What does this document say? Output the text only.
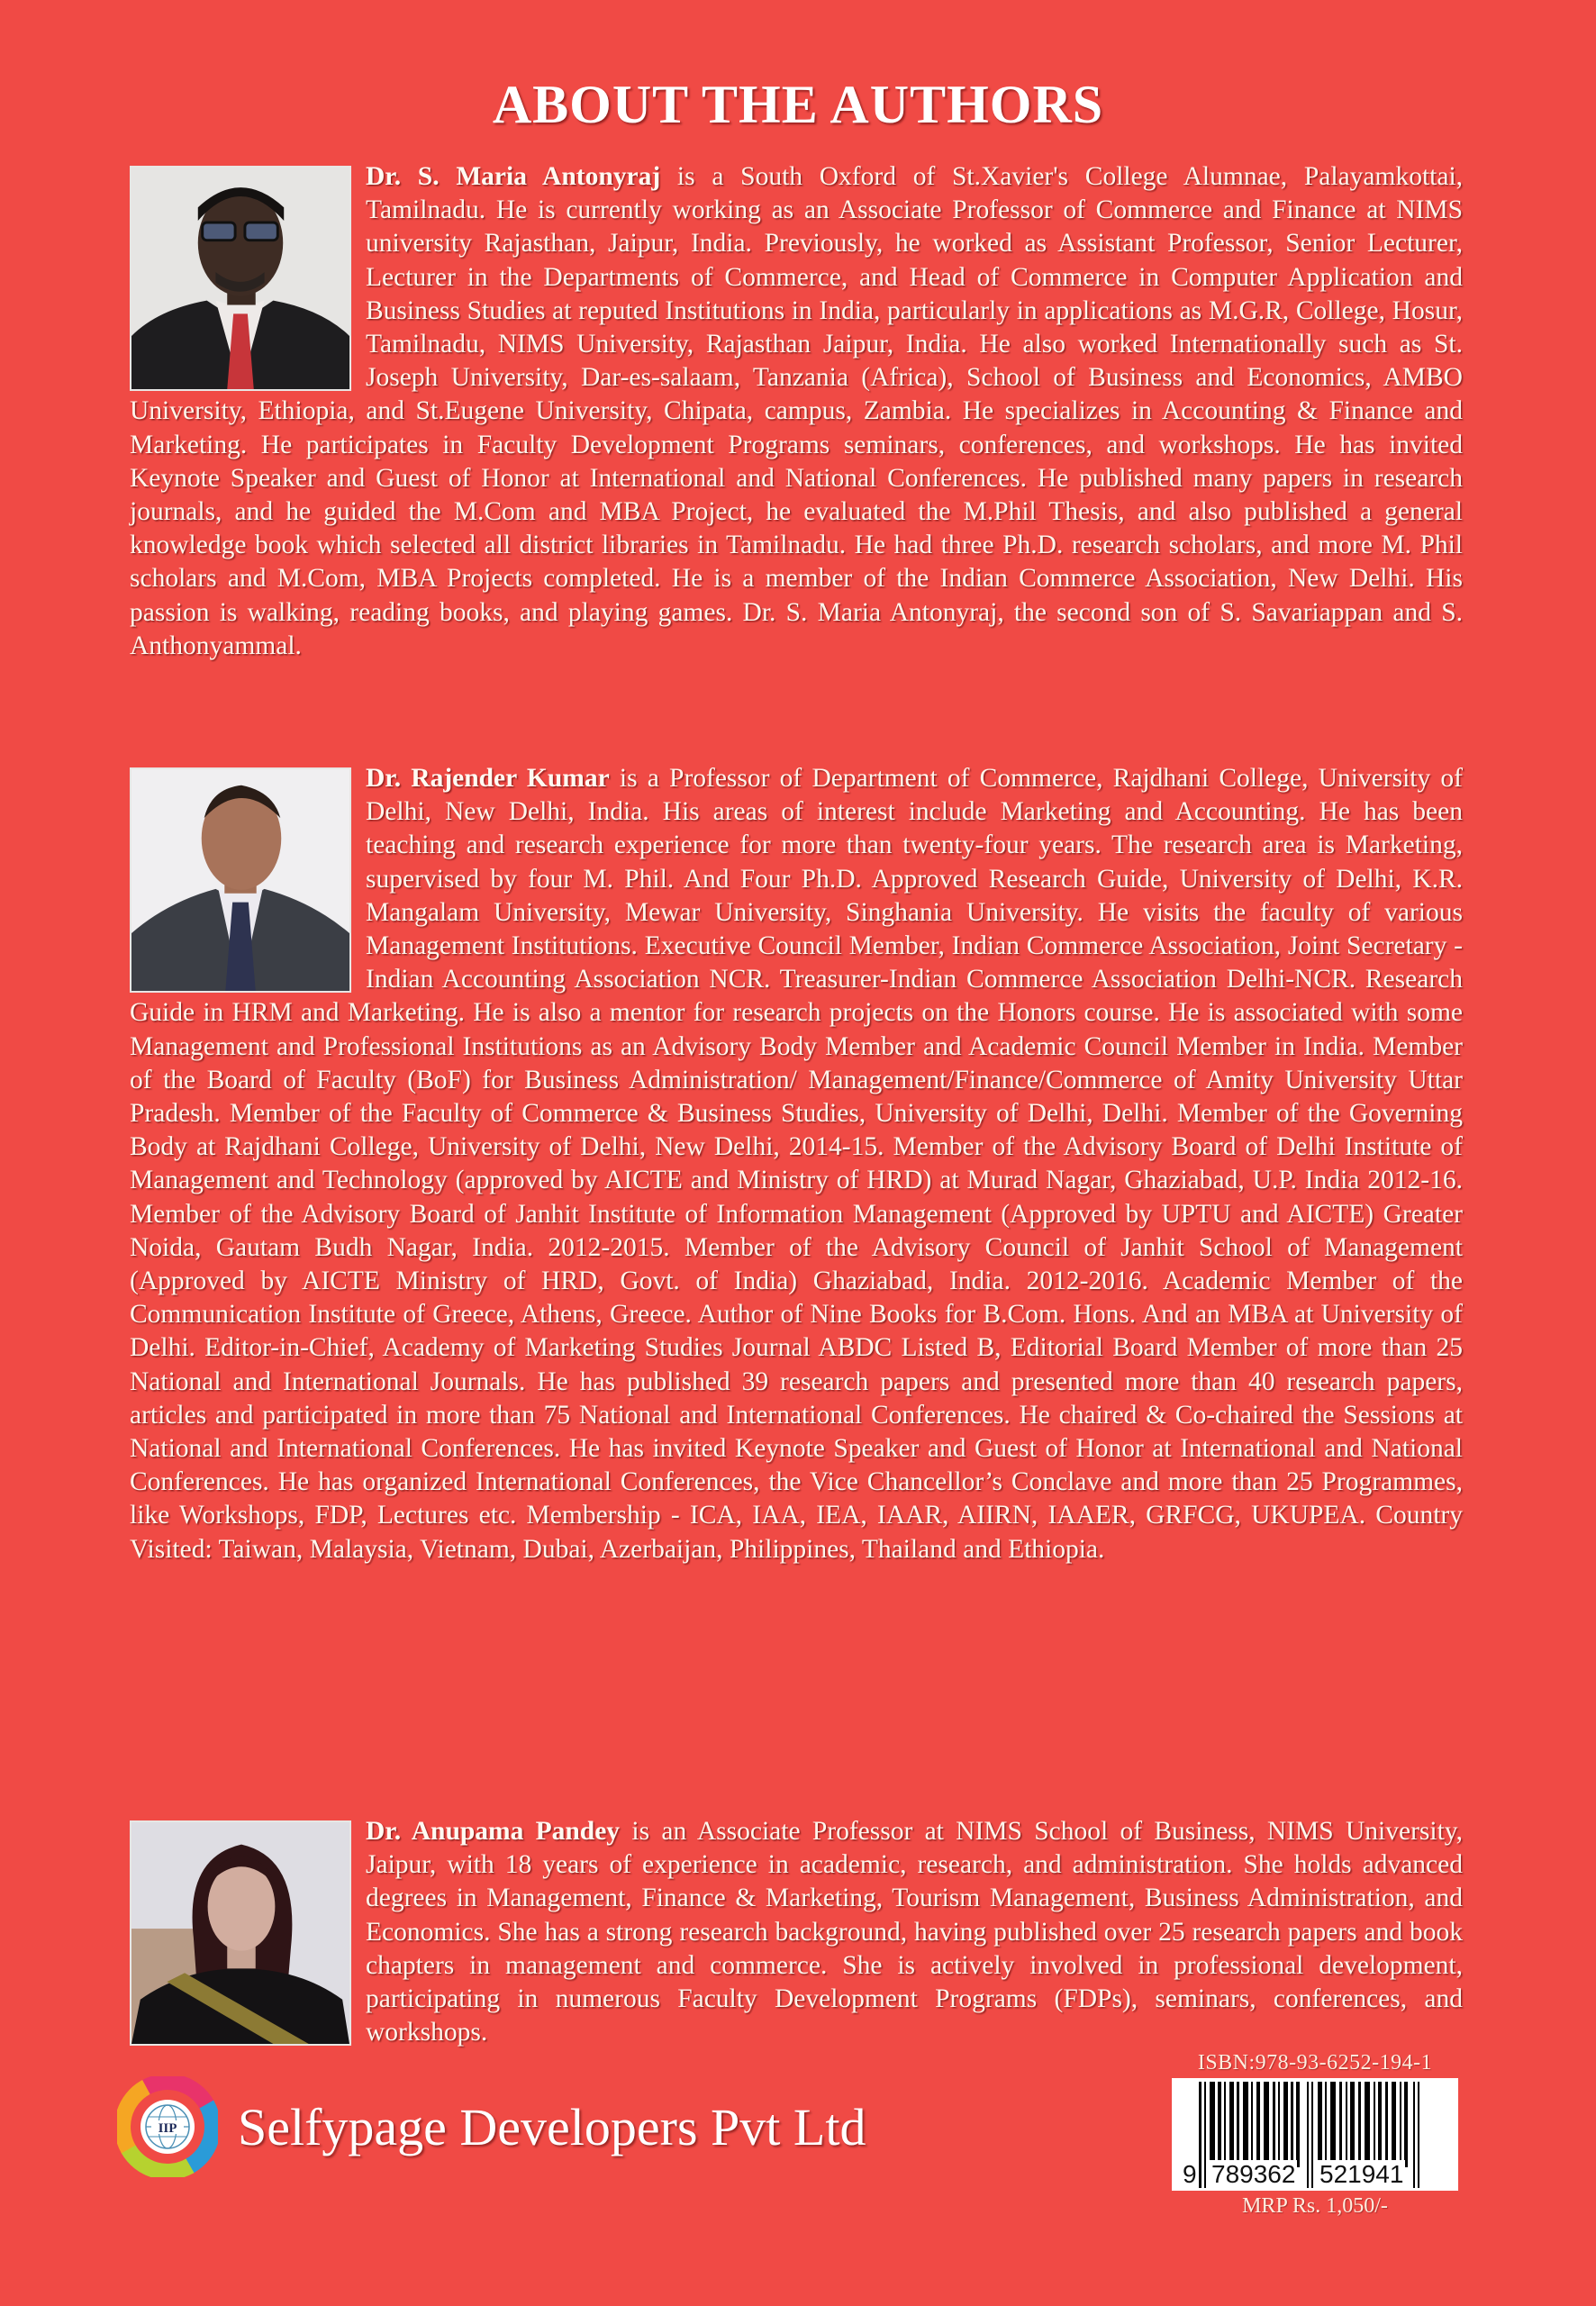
ABOUT THE AUTHORS
Dr. S. Maria Antonyraj is a South Oxford of St.Xavier's College Alumnae, Palayamkottai, Tamilnadu. He is currently working as an Associate Professor of Commerce and Finance at NIMS university Rajasthan, Jaipur, India. Previously, he worked as Assistant Professor, Senior Lecturer, Lecturer in the Departments of Commerce, and Head of Commerce in Computer Application and Business Studies at reputed Institutions in India, particularly in applications as M.G.R, College, Hosur, Tamilnadu, NIMS University, Rajasthan Jaipur, India. He also worked Internationally such as St. Joseph University, Dar-es-salaam, Tanzania (Africa), School of Business and Economics, AMBO University, Ethiopia, and St.Eugene University, Chipata, campus, Zambia. He specializes in Accounting & Finance and Marketing. He participates in Faculty Development Programs seminars, conferences, and workshops. He has invited Keynote Speaker and Guest of Honor at International and National Conferences. He published many papers in research journals, and he guided the M.Com and MBA Project, he evaluated the M.Phil Thesis, and also published a general knowledge book which selected all district libraries in Tamilnadu. He had three Ph.D. research scholars, and more M. Phil scholars and M.Com, MBA Projects completed. He is a member of the Indian Commerce Association, New Delhi. His passion is walking, reading books, and playing games. Dr. S. Maria Antonyraj, the second son of S. Savariappan and S. Anthonyammal.
Dr. Rajender Kumar is a Professor of Department of Commerce, Rajdhani College, University of Delhi, New Delhi, India. His areas of interest include Marketing and Accounting. He has been teaching and research experience for more than twenty-four years. The research area is Marketing, supervised by four M. Phil. And Four Ph.D. Approved Research Guide, University of Delhi, K.R. Mangalam University, Mewar University, Singhania University. He visits the faculty of various Management Institutions. Executive Council Member, Indian Commerce Association, Joint Secretary - Indian Accounting Association NCR. Treasurer-Indian Commerce Association Delhi-NCR. Research Guide in HRM and Marketing. He is also a mentor for research projects on the Honors course. He is associated with some Management and Professional Institutions as an Advisory Body Member and Academic Council Member in India. Member of the Board of Faculty (BoF) for Business Administration/ Management/Finance/Commerce of Amity University Uttar Pradesh. Member of the Faculty of Commerce & Business Studies, University of Delhi, Delhi. Member of the Governing Body at Rajdhani College, University of Delhi, New Delhi, 2014-15. Member of the Advisory Board of Delhi Institute of Management and Technology (approved by AICTE and Ministry of HRD) at Murad Nagar, Ghaziabad, U.P. India 2012-16. Member of the Advisory Board of Janhit Institute of Information Management (Approved by UPTU and AICTE) Greater Noida, Gautam Budh Nagar, India. 2012-2015. Member of the Advisory Council of Janhit School of Management (Approved by AICTE Ministry of HRD, Govt. of India) Ghaziabad, India. 2012-2016. Academic Member of the Communication Institute of Greece, Athens, Greece. Author of Nine Books for B.Com. Hons. And an MBA at University of Delhi. Editor-in-Chief, Academy of Marketing Studies Journal ABDC Listed B, Editorial Board Member of more than 25 National and International Journals. He has published 39 research papers and presented more than 40 research papers, articles and participated in more than 75 National and International Conferences. He chaired & Co-chaired the Sessions at National and International Conferences. He has invited Keynote Speaker and Guest of Honor at International and National Conferences. He has organized International Conferences, the Vice Chancellor’s Conclave and more than 25 Programmes, like Workshops, FDP, Lectures etc. Membership - ICA, IAA, IEA, IAAR, AIIRN, IAAER, GRFCG, UKUPEA. Country Visited: Taiwan, Malaysia, Vietnam, Dubai, Azerbaijan, Philippines, Thailand and Ethiopia.
Dr. Anupama Pandey is an Associate Professor at NIMS School of Business, NIMS University, Jaipur, with 18 years of experience in academic, research, and administration. She holds advanced degrees in Management, Finance & Marketing, Tourism Management, Business Administration, and Economics. She has a strong research background, having published over 25 research papers and book chapters in management and commerce. She is actively involved in professional development, participating in numerous Faculty Development Programs (FDPs), seminars, conferences, and workshops.
IIP Selfypage Developers Pvt Ltd
ISBN:978-93-6252-194-1
9 789362 521941
MRP Rs. 1,050/-
